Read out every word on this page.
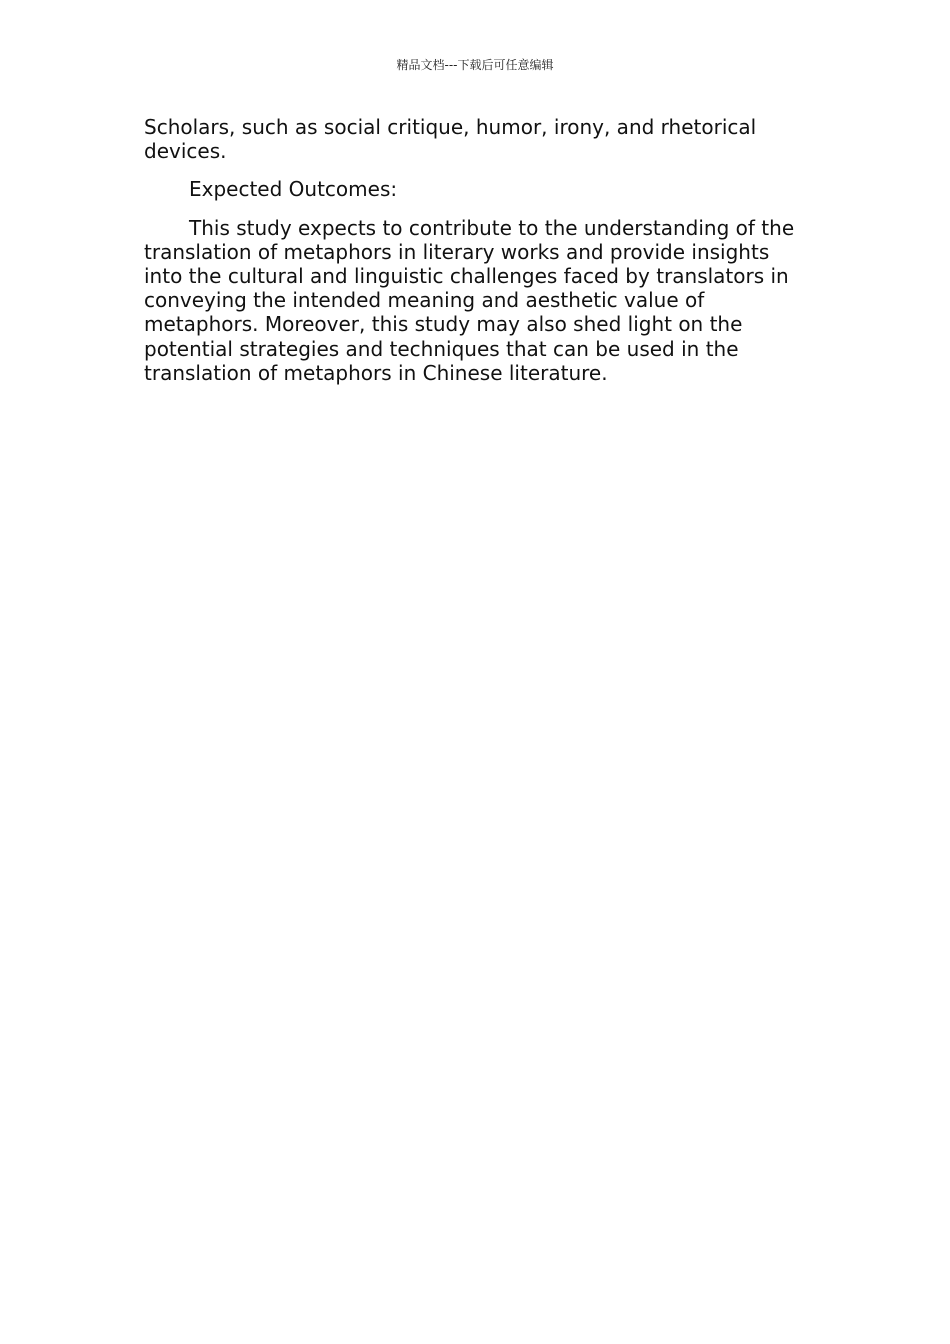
精品文档---下载后可任意编辑

Scholars, such as social critique, humor, irony, and rhetorical devices.

Expected Outcomes:

This study expects to contribute to the understanding of the translation of metaphors in literary works and provide insights into the cultural and linguistic challenges faced by translators in conveying the intended meaning and aesthetic value of metaphors. Moreover, this study may also shed light on the potential strategies and techniques that can be used in the translation of metaphors in Chinese literature.
